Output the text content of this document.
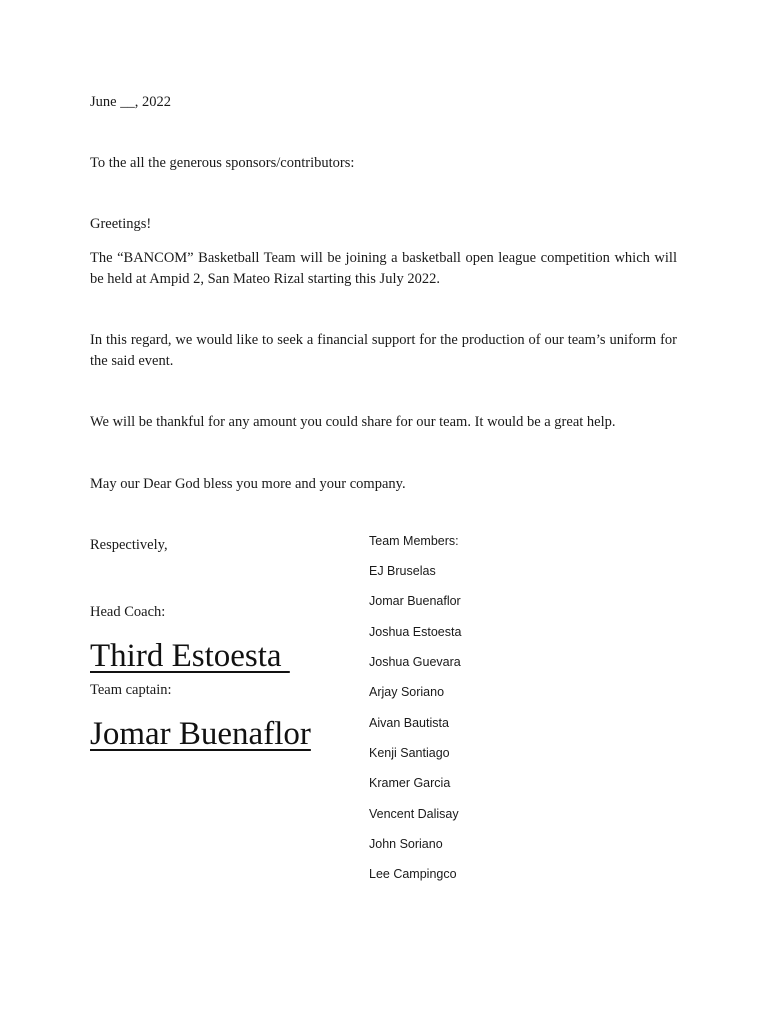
June __, 2022
To the all the generous sponsors/contributors:
Greetings!
The “BANCOM” Basketball Team will be joining a basketball open league competition which will be held at Ampid 2, San Mateo Rizal starting this July 2022.
In this regard, we would like to seek a financial support for the production of our team’s uniform for the said event.
We will be thankful for any amount you could share for our team. It would be a great help.
May our Dear God bless you more and your company.
Respectively,
Head Coach:
Third Estoesta
Team captain:
Jomar Buenaflor
Team Members:
EJ Bruselas
Jomar Buenaflor
Joshua Estoesta
Joshua Guevara
Arjay Soriano
Aivan Bautista
Kenji Santiago
Kramer Garcia
Vencent Dalisay
John Soriano
Lee Campingco
